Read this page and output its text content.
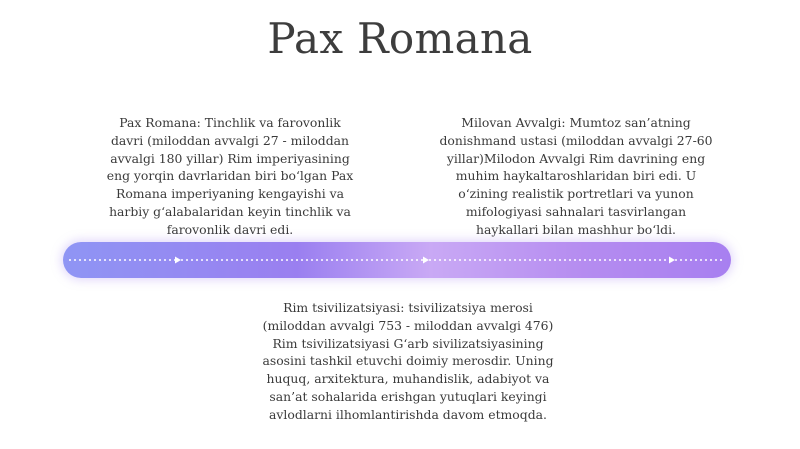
Pax Romana
Pax Romana: Tinchlik va farovonlik
davri (miloddan avvalgi 27 - miloddan
avvalgi 180 yillar) Rim imperiyasining
eng yorqin davrlaridan biri bo‘lgan Pax
Romana imperiyaning kengayishi va
harbiy g‘alabalaridan keyin tinchlik va
farovonlik davri edi.
Milovan Avvalgi: Mumtoz san’atning
donishmand ustasi (miloddan avvalgi 27-60
yillar)Milodon Avvalgi Rim davrining eng
muhim haykaltaroshlaridan biri edi. U
o‘zining realistik portretlari va yunon
mifologiyasi sahnalari tasvirlangan
haykallari bilan mashhur bo‘ldi.
Rim tsivilizatsiyasi: tsivilizatsiya merosi
(miloddan avvalgi 753 - miloddan avvalgi 476)
Rim tsivilizatsiyasi G‘arb sivilizatsiyasining
asosini tashkil etuvchi doimiy merosdir. Uning
huquq, arxitektura, muhandislik, adabiyot va
san’at sohalarida erishgan yutuqlari keyingi
avlodlarni ilhomlantirishda davom etmoqda.
